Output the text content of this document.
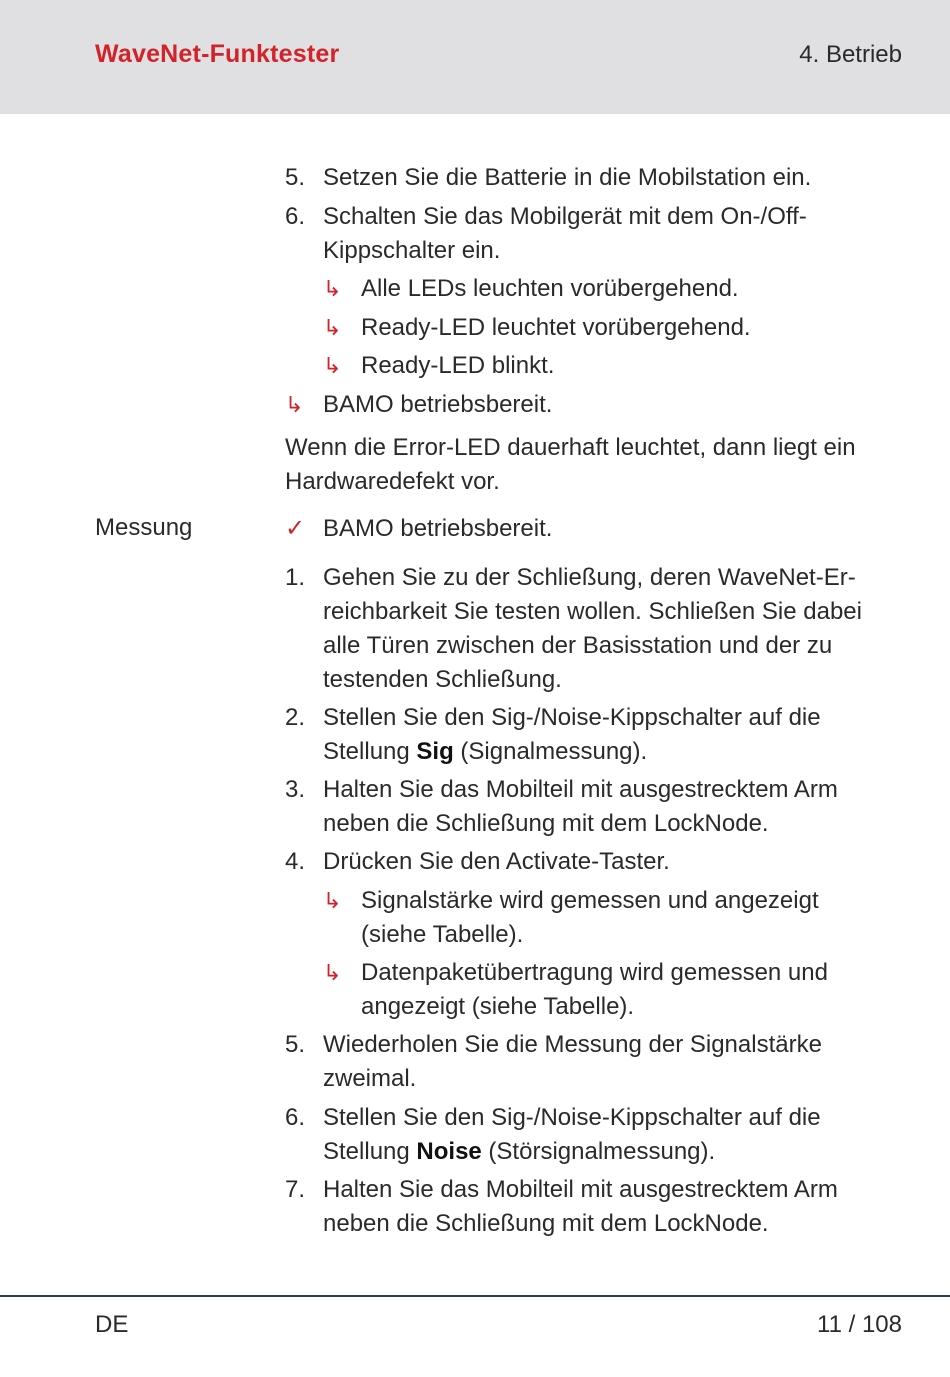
WaveNet-Funktester	4. Betrieb
5. Setzen Sie die Batterie in die Mobilstation ein.
6. Schalten Sie das Mobilgerät mit dem On-/Off-
Kippschalter ein.
↳ Alle LEDs leuchten vorübergehend.
↳ Ready-LED leuchtet vorübergehend.
↳ Ready-LED blinkt.
↳ BAMO betriebsbereit.
Wenn die Error-LED dauerhaft leuchtet, dann liegt ein
Hardwaredefekt vor.
Messung	✓ BAMO betriebsbereit.
1. Gehen Sie zu der Schließung, deren WaveNet-Er-
reichbarkeit Sie testen wollen. Schließen Sie dabei
alle Türen zwischen der Basisstation und der zu
testenden Schließung.
2. Stellen Sie den Sig-/Noise-Kippschalter auf die
Stellung Sig (Signalmessung).
3. Halten Sie das Mobilteil mit ausgestrecktem Arm
neben die Schließung mit dem LockNode.
4. Drücken Sie den Activate-Taster.
↳ Signalstärke wird gemessen und angezeigt
(siehe Tabelle).
↳ Datenpaketübertragung wird gemessen und
angezeigt (siehe Tabelle).
5. Wiederholen Sie die Messung der Signalstärke
zweimal.
6. Stellen Sie den Sig-/Noise-Kippschalter auf die
Stellung Noise (Störsignalmessung).
7. Halten Sie das Mobilteil mit ausgestrecktem Arm
neben die Schließung mit dem LockNode.
DE	11 / 108
